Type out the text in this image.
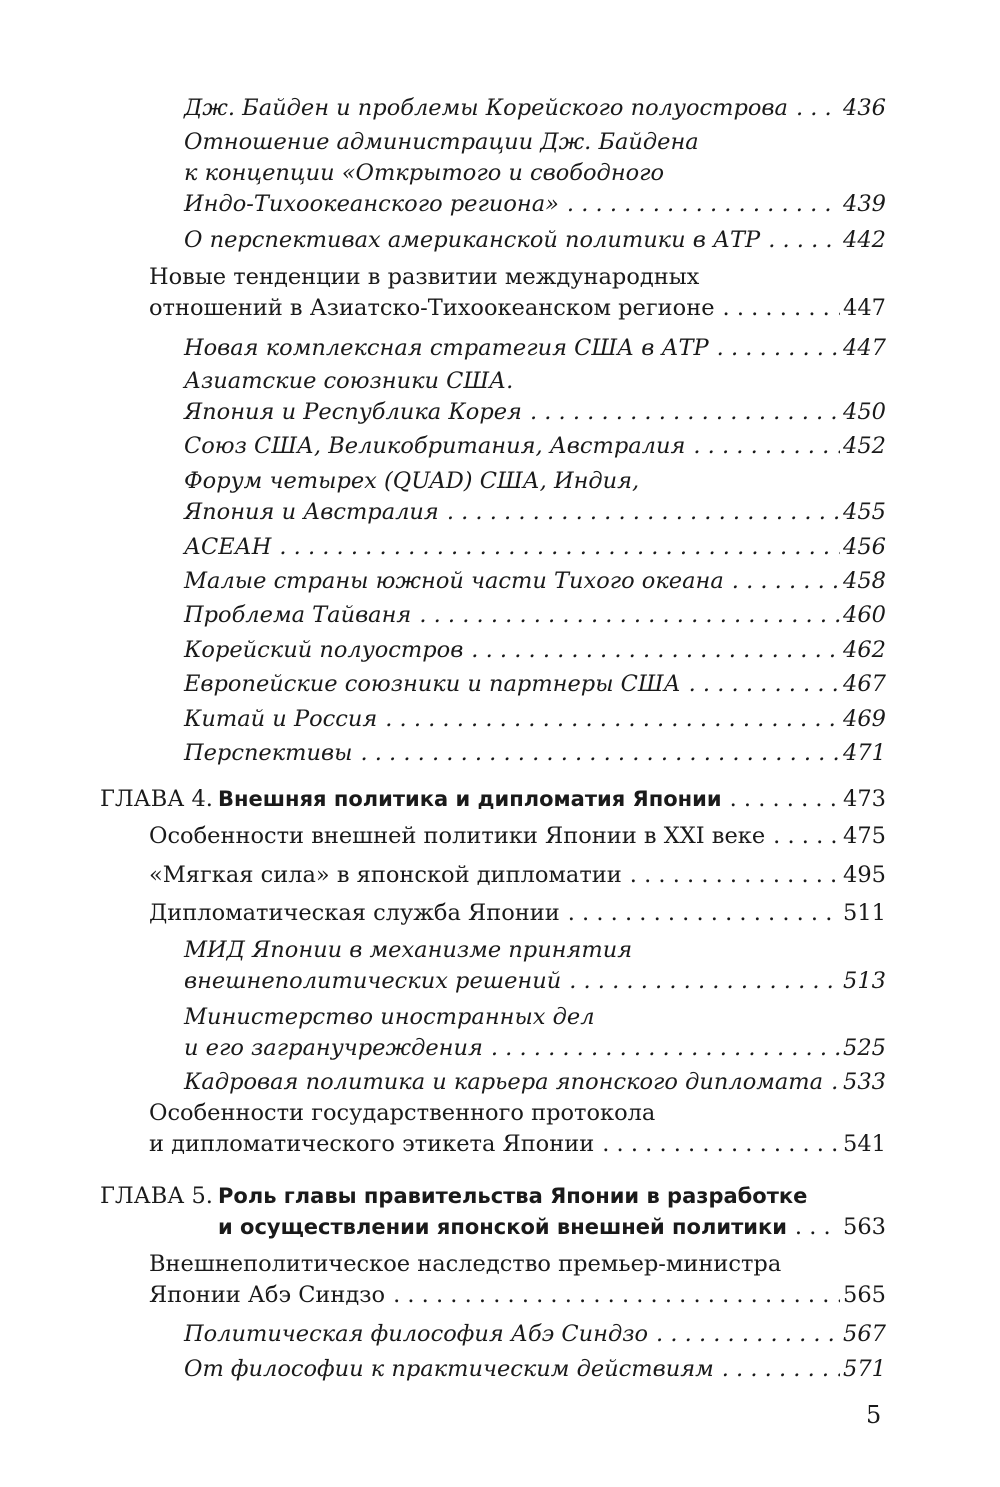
Дж. Байден и проблемы Корейского полуострова . . . 436
Отношение администрации Дж. Байдена
к концепции «Открытого и свободного
Индо-Тихоокеанского региона» . . .	439
О перспективах американской политики в АТР . . .	442
Новые тенденции в развитии международных
отношений в Азиатско-Тихоокеанском регионе . . .	447
Новая комплексная стратегия США в АТР . . .	447
Азиатские союзники США.
Япония и Республика Корея . . .	450
Союз США, Великобритания, Австралия . . .	452
Форум четырех (QUAD) США, Индия,
Япония и Австралия . . .	455
АСЕАН . . .	456
Малые страны южной части Тихого океана . . .	458
Проблема Тайваня . . .	460
Корейский полуостров . . .	462
Европейские союзники и партнеры США . . .	467
Китай и Россия . . .	469
Перспективы . . .	471
ГЛАВА 4. Внешняя политика и дипломатия Японии . . .	473
Особенности внешней политики Японии в XXI веке . . .	475
«Мягкая сила» в японской дипломатии . . .	495
Дипломатическая служба Японии . . .	511
МИД Японии в механизме принятия
внешнеполитических решений . . .	513
Министерство иностранных дел
и его загранучреждения . . .	525
Кадровая политика и карьера японского дипломата . . . 533
Особенности государственного протокола
и дипломатического этикета Японии . . .	541
ГЛАВА 5. Роль главы правительства Японии в разработке
и осуществлении японской внешней политики . . . 563
Внешнеполитическое наследство премьер-министра
Японии Абэ Синдзо . . .	565
Политическая философия Абэ Синдзо . . .	567
От философии к практическим действиям . . .	571
5
